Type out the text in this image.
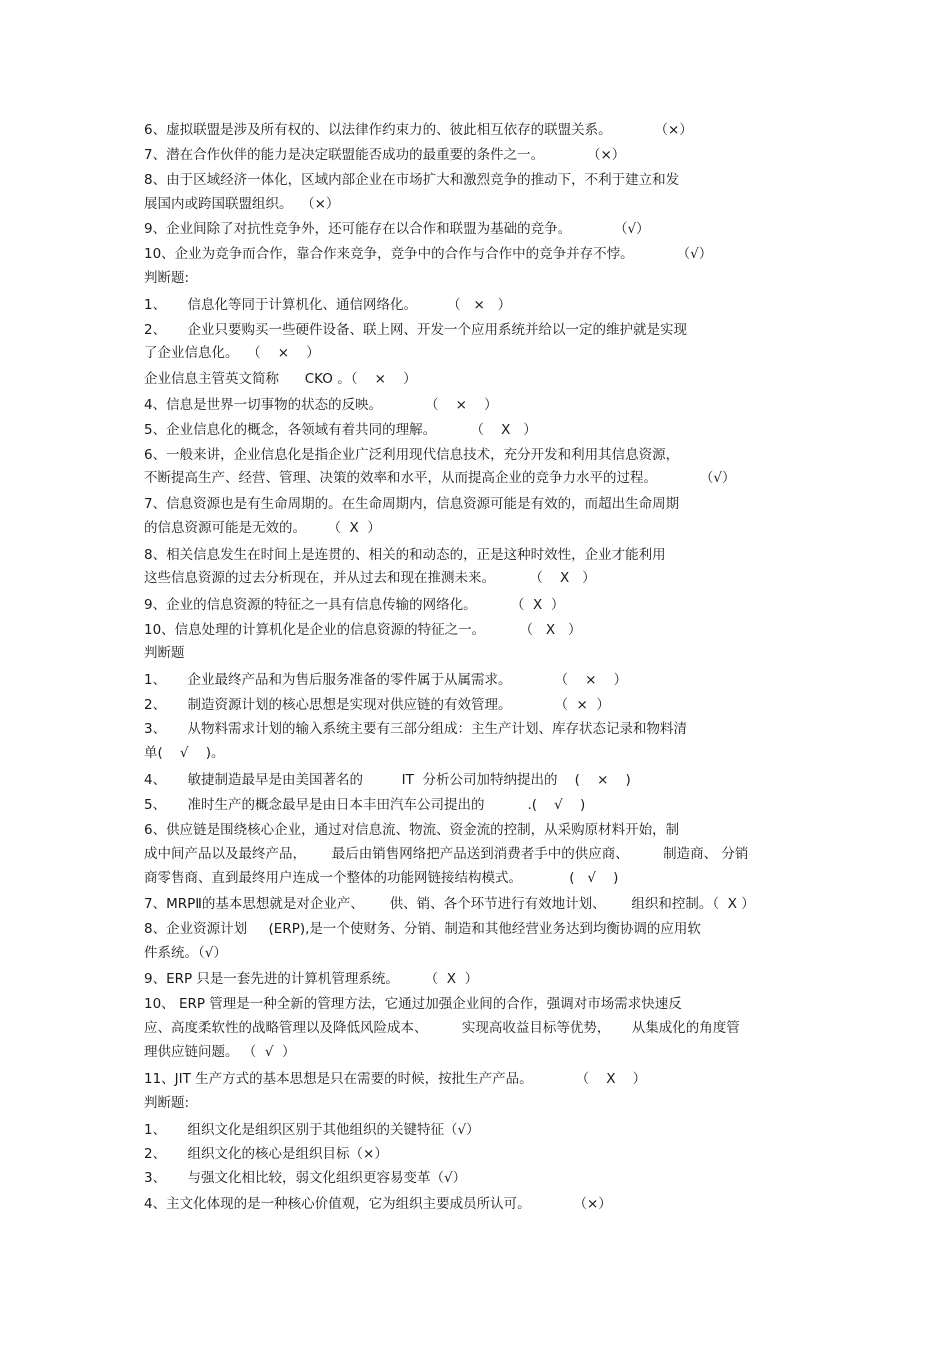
6、虚拟联盟是涉及所有权的、以法律作约束力的、彼此相互依存的联盟关系。          （×）
7、潜在合作伙伴的能力是决定联盟能否成功的最重要的条件之一。          （×）
8、由于区域经济一体化，区域内部企业在市场扩大和激烈竞争的推动下，不利于建立和发
展国内或跨国联盟组织。  （×）
9、企业间除了对抗性竞争外，还可能存在以合作和联盟为基础的竞争。          （√）
10、企业为竞争而合作，靠合作来竞争，竞争中的合作与合作中的竞争并存不悖。          （√）
判断题:
1、     信息化等同于计算机化、通信网络化。       （   ×   ）
2、     企业只要购买一些硬件设备、联上网、开发一个应用系统并给以一定的维护就是实现
了企业信息化。  （    ×    ）
企业信息主管英文简称      CKO 。（    ×    ）
4、信息是世界一切事物的状态的反映。          （    ×    ）
5、企业信息化的概念，各领域有着共同的理解。        （    X   ）
6、一般来讲，企业信息化是指企业广泛利用现代信息技术，充分开发和利用其信息资源，
不断提高生产、经营、管理、决策的效率和水平，从而提高企业的竞争力水平的过程。          （√）
7、信息资源也是有生命周期的。在生命周期内，信息资源可能是有效的，而超出生命周期
的信息资源可能是无效的。     （  X  ）
8、相关信息发生在时间上是连贯的、相关的和动态的，正是这种时效性，企业才能利用
这些信息资源的过去分析现在，并从过去和现在推测未来。        （    X   ）
9、企业的信息资源的特征之一具有信息传输的网络化。        （  X  ）
10、信息处理的计算机化是企业的信息资源的特征之一。        （   X   ）
判断题
1、     企业最终产品和为售后服务准备的零件属于从属需求。          （    ×    ）
2、     制造资源计划的核心思想是实现对供应链的有效管理。          （  ×  ）
3、     从物料需求计划的输入系统主要有三部分组成：主生产计划、库存状态记录和物料清
单(    √    )。
4、     敏捷制造最早是由美国著名的         IT  分析公司加特纳提出的    (    ×    )
5、     准时生产的概念最早是由日本丰田汽车公司提出的          .(    √    )
6、供应链是围绕核心企业，通过对信息流、物流、资金流的控制，从采购原材料开始，制
成中间产品以及最终产品，      最后由销售网络把产品送到消费者手中的供应商、        制造商、 分销
商零售商、直到最终用户连成一个整体的功能网链接结构模式。           (   √    )
7、MRPⅡ的基本思想就是对企业产、      供、销、各个环节进行有效地计划、      组织和控制。（  X ）
8、企业资源计划     (ERP),是一个使财务、分销、制造和其他经营业务达到均衡协调的应用软
件系统。（√）
9、ERP 只是一套先进的计算机管理系统。      （  X  ）
10、 ERP 管理是一种全新的管理方法，它通过加强企业间的合作，强调对市场需求快速反
应、高度柔软性的战略管理以及降低风险成本、        实现高收益目标等优势，     从集成化的角度管
理供应链问题。 （  √  ）
11、JIT 生产方式的基本思想是只在需要的时候，按批生产产品。          （    X    ）
判断题:
1、     组织文化是组织区别于其他组织的关键特征（√）
2、     组织文化的核心是组织目标（×）
3、     与强文化相比较，弱文化组织更容易变革（√）
4、主文化体现的是一种核心价值观，它为组织主要成员所认可。          （×）
